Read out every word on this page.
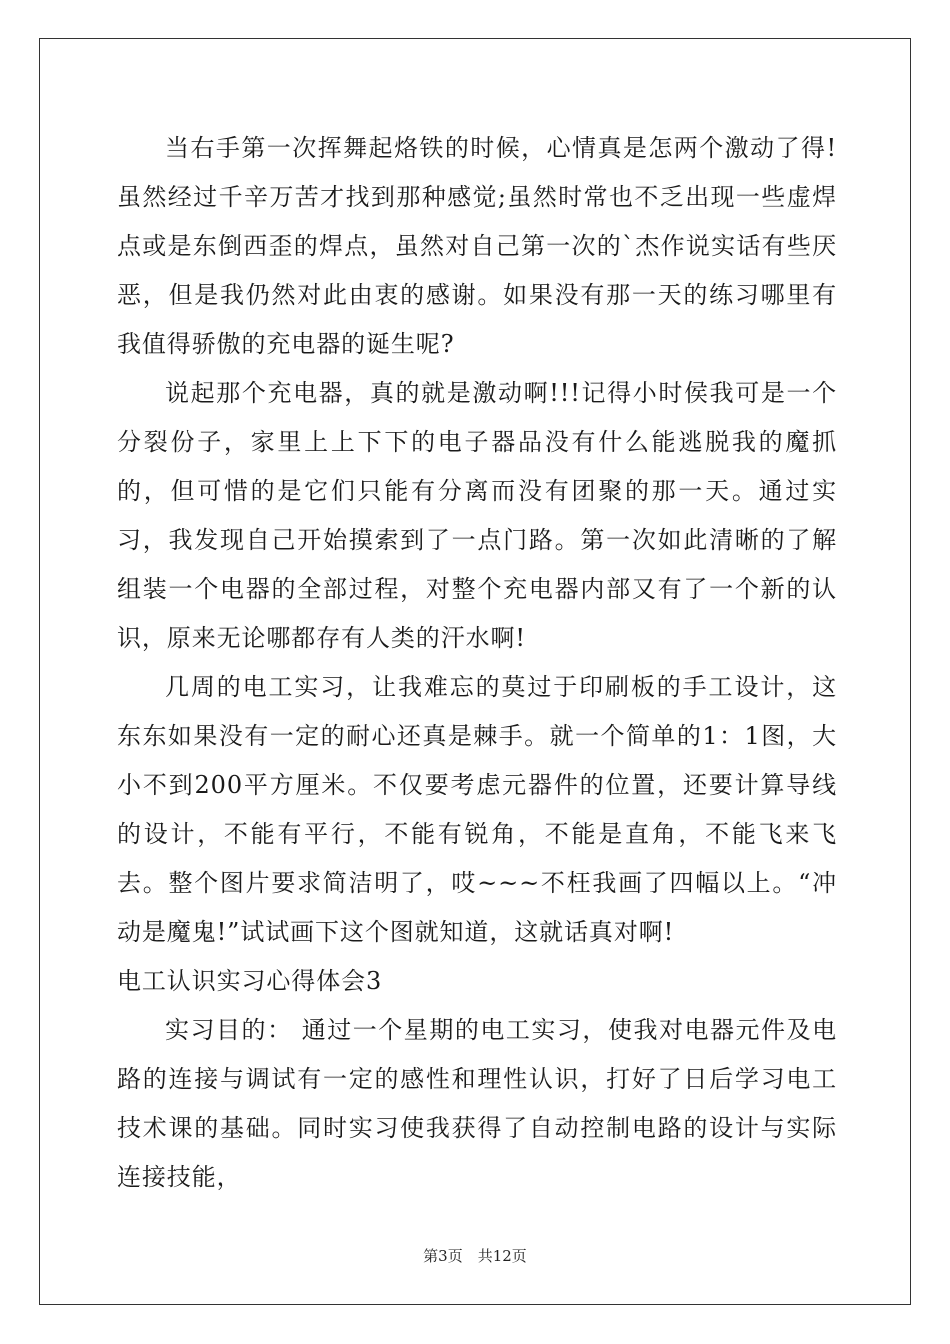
当右手第一次挥舞起烙铁的时候，心情真是怎两个激动了得!虽然经过千辛万苦才找到那种感觉;虽然时常也不乏出现一些虚焊点或是东倒西歪的焊点，虽然对自己第一次的`杰作说实话有些厌恶，但是我仍然对此由衷的感谢。如果没有那一天的练习哪里有我值得骄傲的充电器的诞生呢?

说起那个充电器，真的就是激动啊!!!记得小时侯我可是一个分裂份子，家里上上下下的电子器品没有什么能逃脱我的魔抓的，但可惜的是它们只能有分离而没有团聚的那一天。通过实习，我发现自己开始摸索到了一点门路。第一次如此清晰的了解组装一个电器的全部过程，对整个充电器内部又有了一个新的认识，原来无论哪都存有人类的汗水啊!

几周的电工实习，让我难忘的莫过于印刷板的手工设计，这东东如果没有一定的耐心还真是棘手。就一个简单的1：1图，大小不到200平方厘米。不仅要考虑元器件的位置，还要计算导线的设计，不能有平行，不能有锐角，不能是直角，不能飞来飞去。整个图片要求简洁明了，哎~~~不枉我画了四幅以上。“冲动是魔鬼!”试试画下这个图就知道，这就话真对啊!

电工认识实习心得体会3

实习目的： 通过一个星期的电工实习，使我对电器元件及电路的连接与调试有一定的感性和理性认识，打好了日后学习电工技术课的基础。同时实习使我获得了自动控制电路的设计与实际连接技能，

第3页　共12页
